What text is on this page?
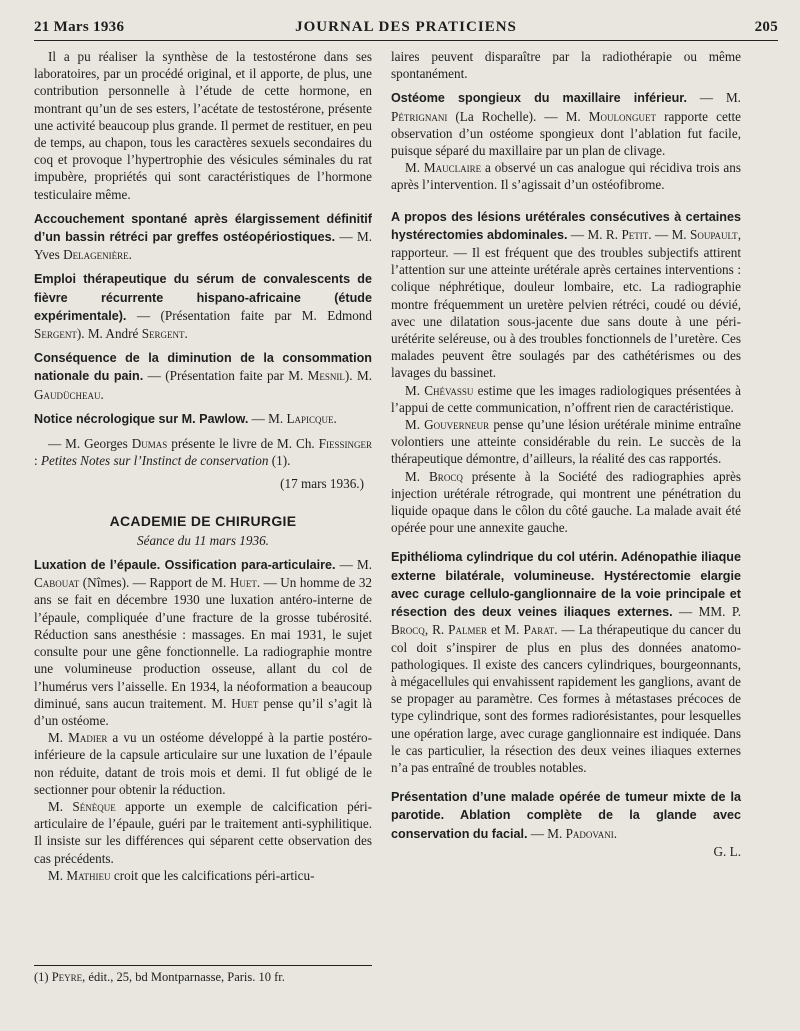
21 Mars 1936	JOURNAL DES PRATICIENS	205

Il a pu réaliser la synthèse de la testostérone dans ses laboratoires, par un procédé original, et il apporte, de plus, une contribution personnelle à l’étude de cette hormone, en montrant qu’un de ses esters, l’acétate de testostérone, présente une activité beaucoup plus grande. Il permet de restituer, en peu de temps, au chapon, tous les caractères sexuels secondaires du coq et provoque l’hypertrophie des vésicules séminales du rat impubère, propriétés qui sont caractéristiques de l’hormone testiculaire même.

Accouchement spontané après élargissement définitif d’un bassin rétréci par greffes ostéopériostiques. — M. Yves Delagenière.

Emploi thérapeutique du sérum de convalescents de fièvre récurrente hispano-africaine (étude expérimentale). — (Présentation faite par M. Edmond Sergent). M. André Sergent.

Conséquence de la diminution de la consommation nationale du pain. — (Présentation faite par M. Mesnil). M. Gaudücheau.

Notice nécrologique sur M. Pawlow. — M. Lapicque.

— M. Georges Dumas présente le livre de M. Ch. Fiessinger : Petites Notes sur l’Instinct de conservation (1).

(17 mars 1936.)

ACADEMIE DE CHIRURGIE

Séance du 11 mars 1936.

Luxation de l’épaule. Ossification para-articulaire. — M. Cabouat (Nîmes). — Rapport de M. Huet. — Un homme de 32 ans se fait en décembre 1930 une luxation antéro-interne de l’épaule, compliquée d’une fracture de la grosse tubérosité. Réduction sans anesthésie : massages. En mai 1931, le sujet consulte pour une gêne fonctionnelle. La radiographie montre une volumineuse production osseuse, allant du col de l’humérus vers l’aisselle. En 1934, la néoformation a beaucoup diminué, sans aucun traitement. M. Huet pense qu’il s’agit là d’un ostéome.

M. Madier a vu un ostéome développé à la partie postéro-inférieure de la capsule articulaire sur une luxation de l’épaule non réduite, datant de trois mois et demi. Il fut obligé de le sectionner pour obtenir la réduction.

M. Sénèque apporte un exemple de calcification péri-articulaire de l’épaule, guéri par le traitement anti-syphilitique. Il insiste sur les différences qui séparent cette observation des cas précédents.

M. Mathieu croit que les calcifications péri-articu-

(1) Peyre, édit., 25, bd Montparnasse, Paris. 10 fr.

laires peuvent disparaître par la radiothérapie ou même spontanément.

Ostéome spongieux du maxillaire inférieur. — M. Pétrignani (La Rochelle). — M. Moulonguet rapporte cette observation d’un ostéome spongieux dont l’ablation fut facile, puisque séparé du maxillaire par un plan de clivage.

M. Mauclaire a observé un cas analogue qui récidiva trois ans après l’intervention. Il s’agissait d’un ostéofibrome.

A propos des lésions urétérales consécutives à certaines hystérectomies abdominales. — M. R. Petit. — M. Soupault, rapporteur. — Il est fréquent que des troubles subjectifs attirent l’attention sur une atteinte urétérale après certaines interventions : colique néphrétique, douleur lombaire, etc. La radiographie montre fréquemment un uretère pelvien rétréci, coudé ou dévié, avec une dilatation sous-jacente due sans doute à une péri-urétérite seléreuse, ou à des troubles fonctionnels de l’uretère. Ces malades peuvent être soulagés par des cathétérismes ou des lavages du bassinet.

M. Chévassu estime que les images radiologiques présentées à l’appui de cette communication, n’offrent rien de caractéristique.

M. Gouverneur pense qu’une lésion urétérale minime entraîne volontiers une atteinte considérable du rein. Le succès de la thérapeutique démontre, d’ailleurs, la réalité des cas rapportés.

M. Brocq présente à la Société des radiographies après injection urétérale rétrograde, qui montrent une pénétration du liquide opaque dans le côlon du côté gauche. La malade avait été opérée pour une annexite gauche.

Epithélioma cylindrique du col utérin. Adénopathie iliaque externe bilatérale, volumineuse. Hystérectomie elargie avec curage cellulo-ganglionnaire de la voie principale et résection des deux veines iliaques externes. — MM. P. Brocq, R. Palmer et M. Parat. — La thérapeutique du cancer du col doit s’inspirer de plus en plus des données anatomo-pathologiques. Il existe des cancers cylindriques, bourgeonnants, à mégacellules qui envahissent rapidement les ganglions, avant de se propager au paramètre. Ces formes à métastases précoces de type cylindrique, sont des formes radiorésistantes, pour lesquelles une opération large, avec curage ganglionnaire est indiquée. Dans le cas particulier, la résection des deux veines iliaques externes n’a pas entraîné de troubles notables.

Présentation d’une malade opérée de tumeur mixte de la parotide. Ablation complète de la glande avec conservation du facial. — M. Padovani.

G. L.
